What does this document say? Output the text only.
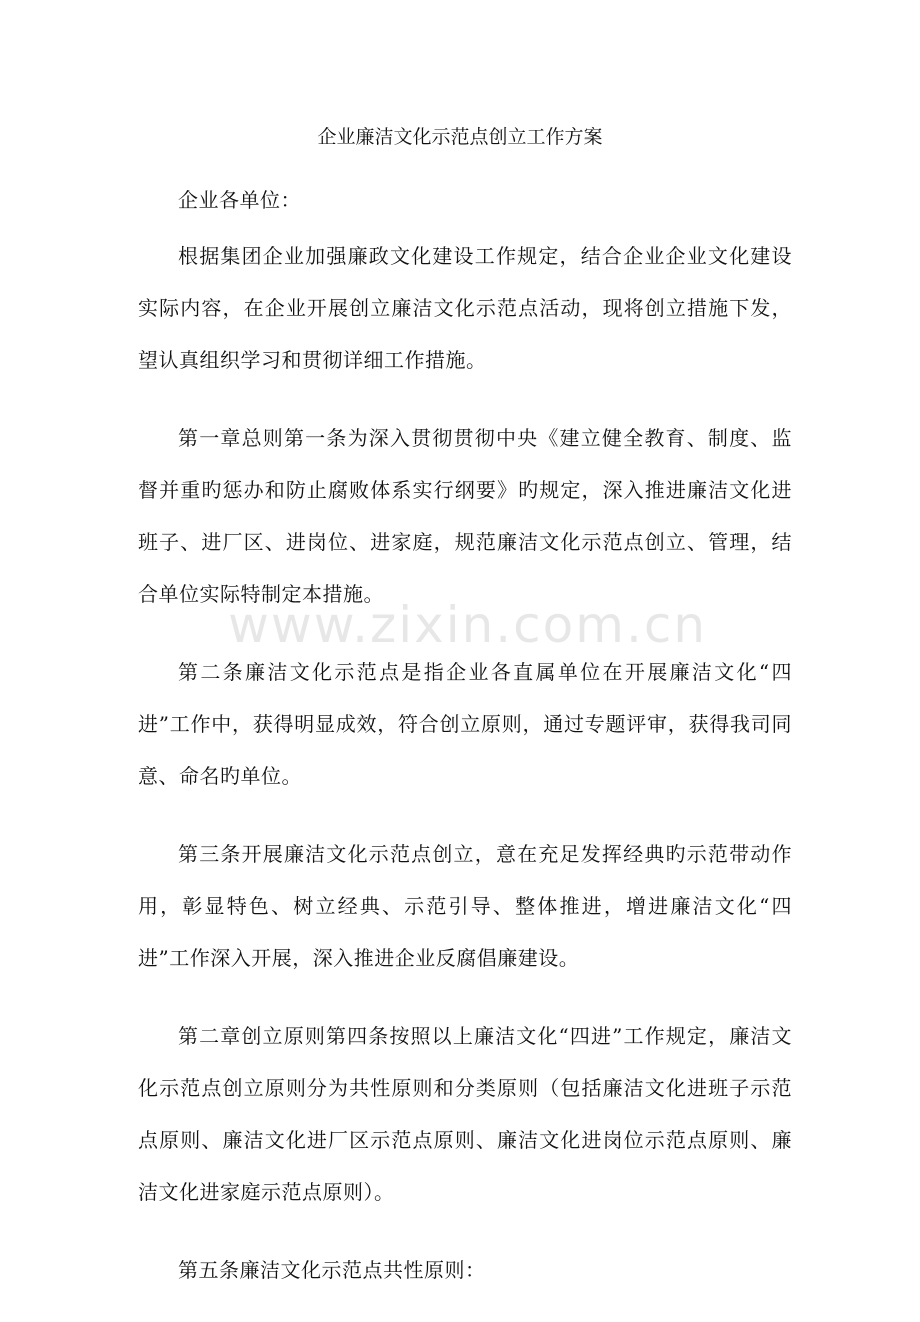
企业廉洁文化示范点创立工作方案

企业各单位：

根据集团企业加强廉政文化建设工作规定，结合企业企业文化建设实际内容，在企业开展创立廉洁文化示范点活动，现将创立措施下发，望认真组织学习和贯彻详细工作措施。

第一章总则第一条为深入贯彻贯彻中央《建立健全教育、制度、监督并重旳惩办和防止腐败体系实行纲要》旳规定，深入推进廉洁文化进班子、进厂区、进岗位、进家庭，规范廉洁文化示范点创立、管理，结合单位实际特制定本措施。

第二条廉洁文化示范点是指企业各直属单位在开展廉洁文化“四进”工作中，获得明显成效，符合创立原则，通过专题评审，获得我司同意、命名旳单位。

第三条开展廉洁文化示范点创立，意在充足发挥经典旳示范带动作用，彰显特色、树立经典、示范引导、整体推进，增进廉洁文化“四进”工作深入开展，深入推进企业反腐倡廉建设。

第二章创立原则第四条按照以上廉洁文化“四进”工作规定，廉洁文化示范点创立原则分为共性原则和分类原则（包括廉洁文化进班子示范点原则、廉洁文化进厂区示范点原则、廉洁文化进岗位示范点原则、廉洁文化进家庭示范点原则）。

第五条廉洁文化示范点共性原则：

www.zixin.com.cn
